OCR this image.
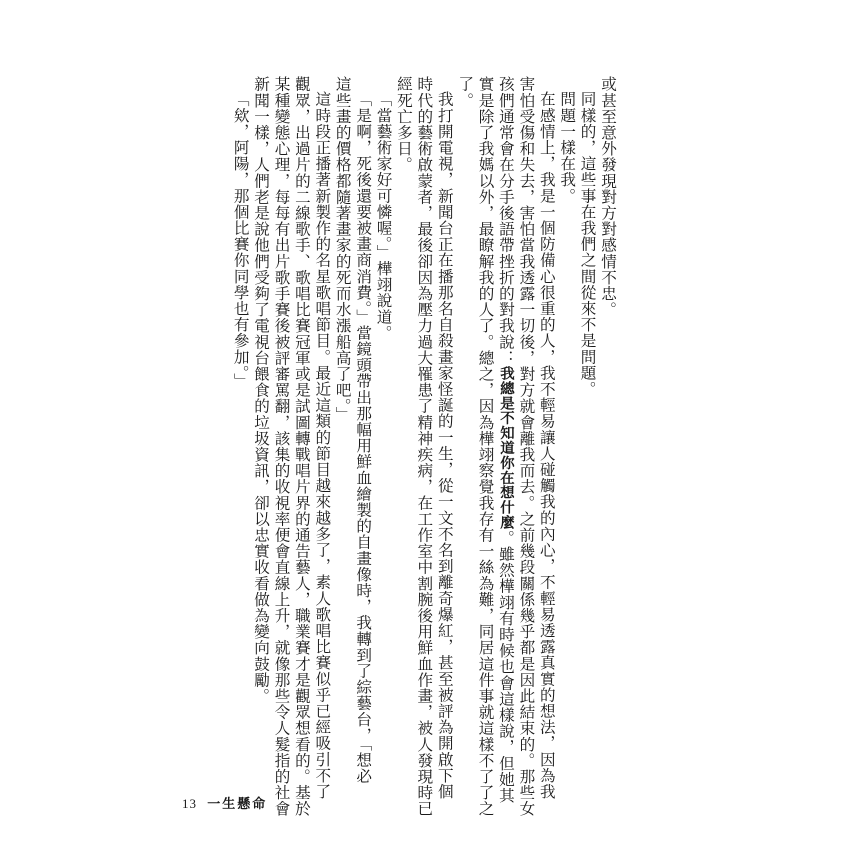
或甚至意外發現對方對感情不忠。
同樣的，這些事在我們之間從來不是問題。
問題一樣在我。
在感情上，我是一個防備心很重的人，我不輕易讓人碰觸我的內心，不輕易透露真實的想法，因為我
害怕受傷和失去，害怕當我透露一切後，對方就會離我而去。之前幾段關係幾乎都是因此結束的。那些女
孩們通常會在分手後語帶挫折的對我說：我總是不知道你在想什麼。雖然樺翊有時候也會這樣說，但她其
實是除了我媽以外，最瞭解我的人了。總之，因為樺翊察覺我存有一絲為難，同居這件事就這樣不了了之
了。
我打開電視，新聞台正在播那名自殺畫家怪誕的一生，從一文不名到離奇爆紅，甚至被評為開啟下個
時代的藝術啟蒙者，最後卻因為壓力過大罹患了精神疾病，在工作室中割腕後用鮮血作畫，被人發現時已
經死亡多日。
「當藝術家好可憐喔。」樺翊說道。
「是啊，死後還要被畫商消費。」當鏡頭帶出那幅用鮮血繪製的自畫像時，我轉到了綜藝台，「想必
這些畫的價格都隨著畫家的死而水漲船高了吧。」
這時段正播著新製作的名星歌唱節目。最近這類的節目越來越多了，素人歌唱比賽似乎已經吸引不了
觀眾，出過片的二線歌手、歌唱比賽冠軍或是試圖轉戰唱片界的通告藝人，職業賽才是觀眾想看的。基於
某種變態心理，每每有出片歌手賽後被評審罵翻，該集的收視率便會直線上升，就像那些令人髮指的社會
新聞一樣，人們老是說他們受夠了電視台餵食的垃圾資訊，卻以忠實收看做為變向鼓勵。
「欸，阿陽，那個比賽你同學也有參加。」
13 一生懸命
